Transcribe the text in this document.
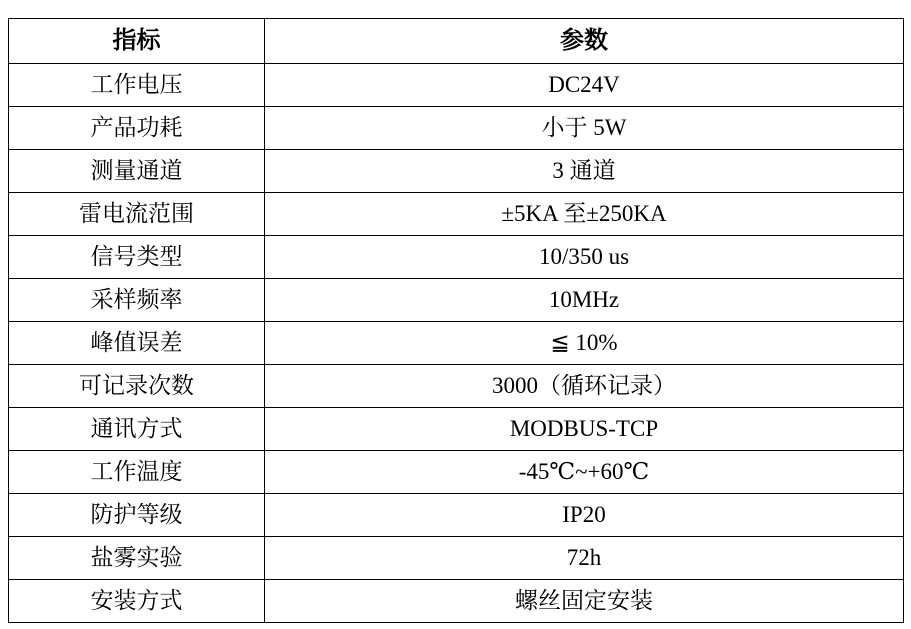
指标	参数

工作电压	DC24V

产品功耗	小于 5W

测量通道	3 通道

雷电流范围	±5KA 至±250KA

信号类型	10/350 us

采样频率	10MHz

峰值误差	≦ 10%

可记录次数	3000（循环记录）

通讯方式	MODBUS-TCP

工作温度	-45℃~+60℃

防护等级	IP20

盐雾实验	72h

安装方式	螺丝固定安装
